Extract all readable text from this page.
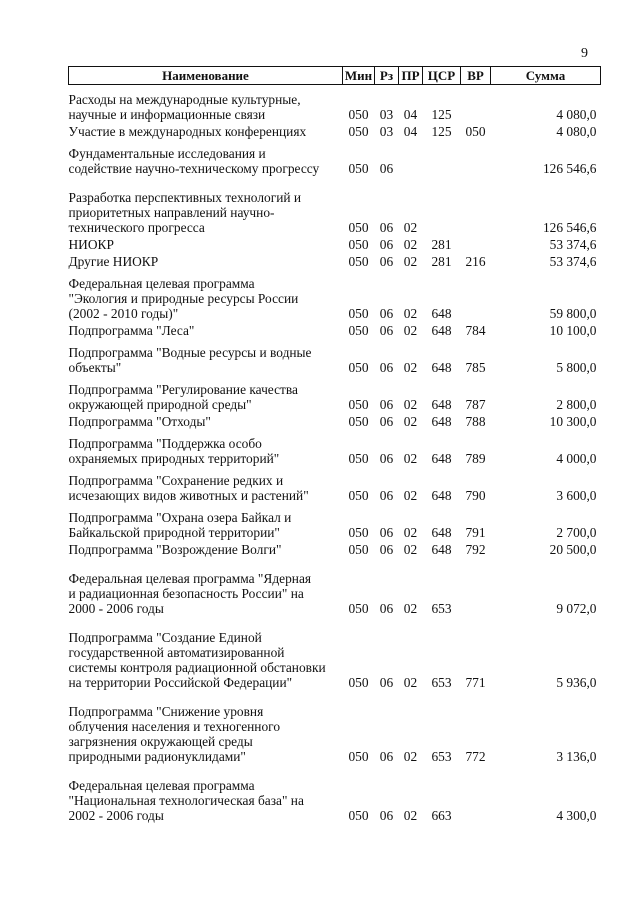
9
Наименование	Мин	Рз	ПР	ЦСР	ВР	Сумма
Расходы на международные культурные,
научные и информационные связи	050	03	04	125		4 080,0
Участие в международных конференциях	050	03	04	125	050	4 080,0
Фундаментальные исследования и
содействие научно-техническому прогрессу	050	06				126 546,6
Разработка перспективных технологий и
приоритетных направлений научно-
технического прогресса	050	06	02			126 546,6
НИОКР	050	06	02	281		53 374,6
Другие НИОКР	050	06	02	281	216	53 374,6
Федеральная целевая программа
"Экология и природные ресурсы России
(2002 - 2010 годы)"	050	06	02	648		59 800,0
Подпрограмма "Леса"	050	06	02	648	784	10 100,0
Подпрограмма "Водные ресурсы и водные
объекты"	050	06	02	648	785	5 800,0
Подпрограмма "Регулирование качества
окружающей природной среды"	050	06	02	648	787	2 800,0
Подпрограмма "Отходы"	050	06	02	648	788	10 300,0
Подпрограмма "Поддержка особо
охраняемых природных территорий"	050	06	02	648	789	4 000,0
Подпрограмма "Сохранение редких и
исчезающих видов животных и растений"	050	06	02	648	790	3 600,0
Подпрограмма "Охрана озера Байкал и
Байкальской природной территории"	050	06	02	648	791	2 700,0
Подпрограмма "Возрождение Волги"	050	06	02	648	792	20 500,0
Федеральная целевая программа "Ядерная
и радиационная безопасность России" на
2000 - 2006 годы	050	06	02	653		9 072,0
Подпрограмма "Создание Единой
государственной автоматизированной
системы контроля радиационной обстановки
на территории Российской Федерации"	050	06	02	653	771	5 936,0
Подпрограмма "Снижение уровня
облучения населения и техногенного
загрязнения окружающей среды
природными радионуклидами"	050	06	02	653	772	3 136,0
Федеральная целевая программа
"Национальная технологическая база" на
2002 - 2006 годы	050	06	02	663		4 300,0
